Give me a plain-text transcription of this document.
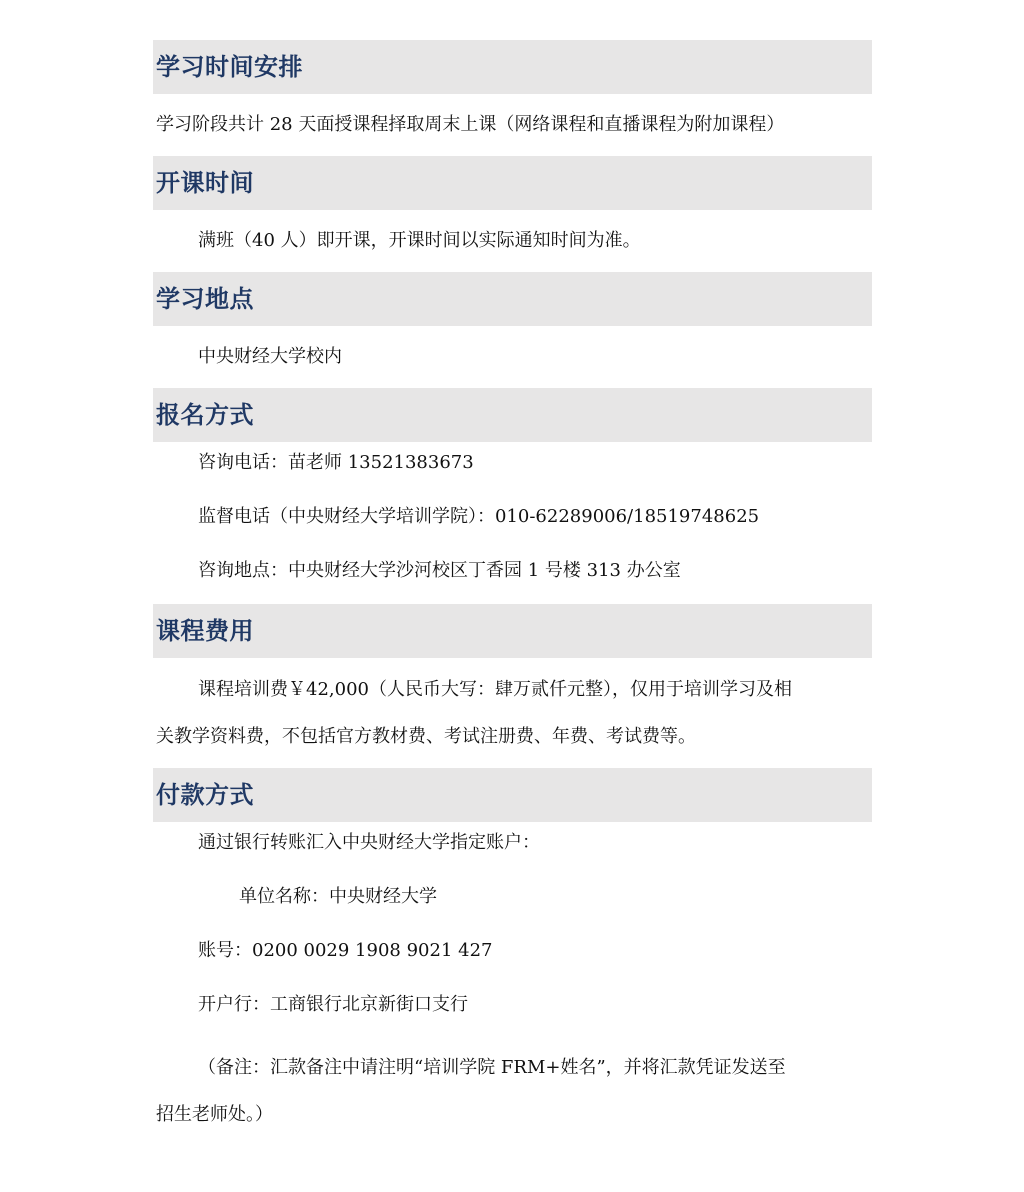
学习时间安排
学习阶段共计 28 天面授课程择取周末上课（网络课程和直播课程为附加课程）
开课时间
满班（40 人）即开课，开课时间以实际通知时间为准。
学习地点
中央财经大学校内
报名方式
咨询电话：苗老师 13521383673
监督电话（中央财经大学培训学院）：010-62289006/18519748625
咨询地点：中央财经大学沙河校区丁香园 1 号楼 313 办公室
课程费用
课程培训费￥42,000（人民币大写：肆万贰仟元整），仅用于培训学习及相
关教学资料费，不包括官方教材费、考试注册费、年费、考试费等。
付款方式
通过银行转账汇入中央财经大学指定账户：
单位名称：中央财经大学
账号：0200 0029 1908 9021 427
开户行：工商银行北京新街口支行
（备注：汇款备注中请注明“培训学院 FRM+姓名”，并将汇款凭证发送至
招生老师处。）
